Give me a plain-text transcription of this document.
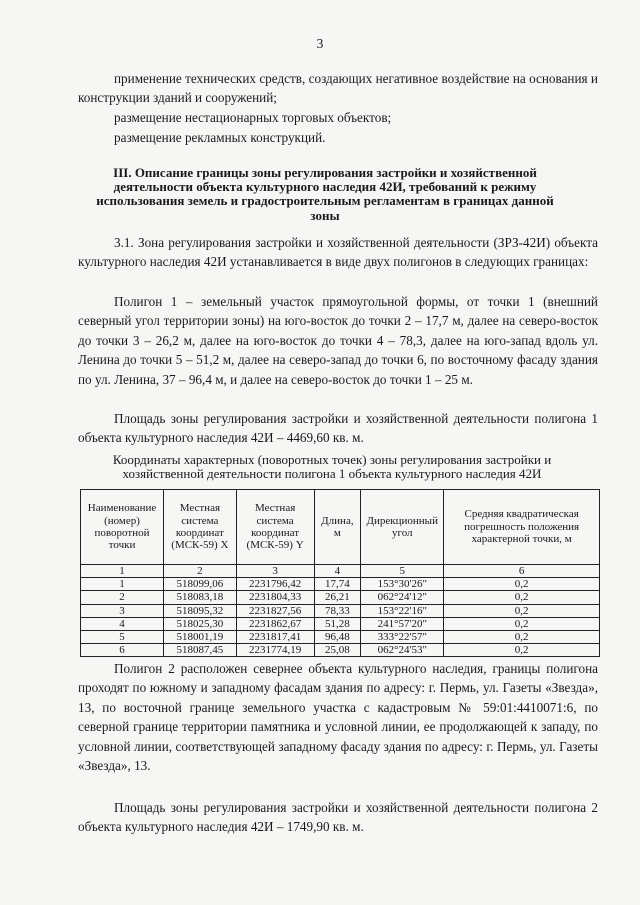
3

применение технических средств, создающих негативное воздействие на основания и конструкции зданий и сооружений;

размещение нестационарных торговых объектов;

размещение рекламных конструкций.

III. Описание границы зоны регулирования застройки и хозяйственной деятельности объекта культурного наследия 42И, требований к режиму использования земель и градостроительным регламентам в границах данной зоны

3.1. Зона регулирования застройки и хозяйственной деятельности (ЗРЗ-42И) объекта культурного наследия 42И устанавливается в виде двух полигонов в следующих границах:

Полигон 1 – земельный участок прямоугольной формы, от точки 1 (внешний северный угол территории зоны) на юго-восток до точки 2 – 17,7 м, далее на северо-восток до точки 3 – 26,2 м, далее на юго-восток до точки 4 – 78,3, далее на юго-запад вдоль ул. Ленина до точки 5 – 51,2 м, далее на северо-запад до точки 6, по восточному фасаду здания по ул. Ленина, 37 – 96,4 м, и далее на северо-восток до точки 1 – 25 м.

Площадь зоны регулирования застройки и хозяйственной деятельности полигона 1 объекта культурного наследия 42И – 4469,60 кв. м.

Координаты характерных (поворотных точек) зоны регулирования застройки и хозяйственной деятельности полигона 1 объекта культурного наследия 42И
Наименование (номер) поворотной точки	Местная система координат (МСК-59) X	Местная система координат (МСК-59) Y	Длина, м	Дирекционный угол	Средняя квадратическая погрешность положения характерной точки, м
1	2	3	4	5	6
1	518099,06	2231796,42	17,74	153°30'26"	0,2
2	518083,18	2231804,33	26,21	062°24'12"	0,2
3	518095,32	2231827,56	78,33	153°22'16"	0,2
4	518025,30	2231862,67	51,28	241°57'20"	0,2
5	518001,19	2231817,41	96,48	333°22'57"	0,2
6	518087,45	2231774,19	25,08	062°24'53"	0,2

Полигон 2 расположен севернее объекта культурного наследия, границы полигона проходят по южному и западному фасадам здания по адресу: г. Пермь, ул. Газеты «Звезда», 13, по восточной границе земельного участка с кадастровым № 59:01:4410071:6, по северной границе территории памятника и условной линии, ее продолжающей к западу, по условной линии, соответствующей западному фасаду здания по адресу: г. Пермь, ул. Газеты «Звезда», 13.

Площадь зоны регулирования застройки и хозяйственной деятельности полигона 2 объекта культурного наследия 42И – 1749,90 кв. м.
